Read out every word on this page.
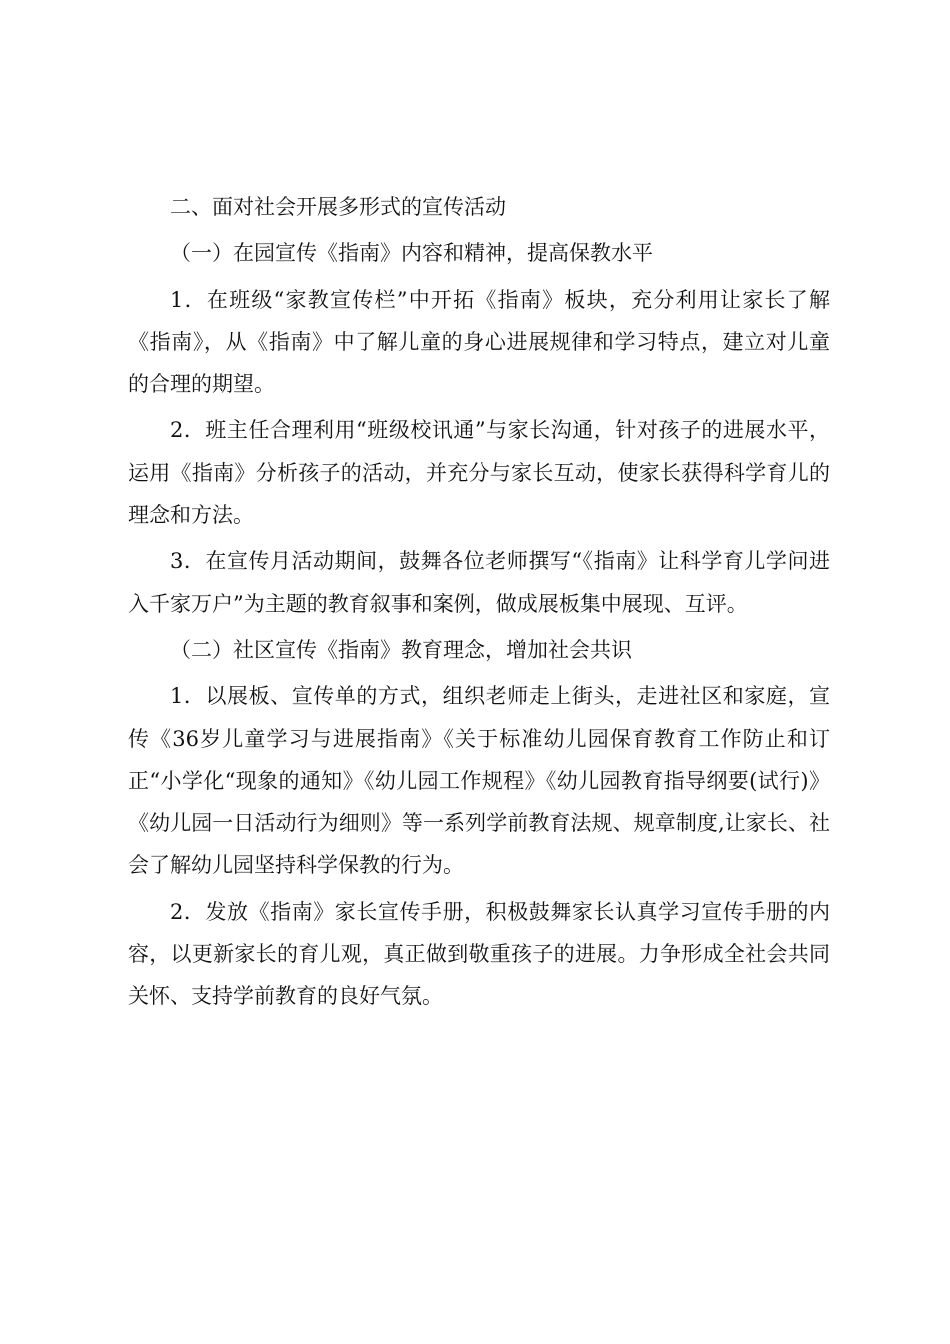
二、面对社会开展多形式的宣传活动

（一）在园宣传《指南》内容和精神，提高保教水平

1．在班级“家教宣传栏”中开拓《指南》板块，充分利用让家长了解《指南》，从《指南》中了解儿童的身心进展规律和学习特点，建立对儿童的合理的期望。

2．班主任合理利用“班级校讯通”与家长沟通，针对孩子的进展水平，运用《指南》分析孩子的活动，并充分与家长互动，使家长获得科学育儿的理念和方法。

3．在宣传月活动期间，鼓舞各位老师撰写“《指南》让科学育儿学问进入千家万户”为主题的教育叙事和案例，做成展板集中展现、互评。

（二）社区宣传《指南》教育理念，增加社会共识

1．以展板、宣传单的方式，组织老师走上街头，走进社区和家庭，宣传《36岁儿童学习与进展指南》《关于标准幼儿园保育教育工作防止和订正“小学化“现象的通知》《幼儿园工作规程》《幼儿园教育指导纲要(试行)》《幼儿园一日活动行为细则》等一系列学前教育法规、规章制度,让家长、社会了解幼儿园坚持科学保教的行为。

2．发放《指南》家长宣传手册，积极鼓舞家长认真学习宣传手册的内容，以更新家长的育儿观，真正做到敬重孩子的进展。力争形成全社会共同关怀、支持学前教育的良好气氛。
